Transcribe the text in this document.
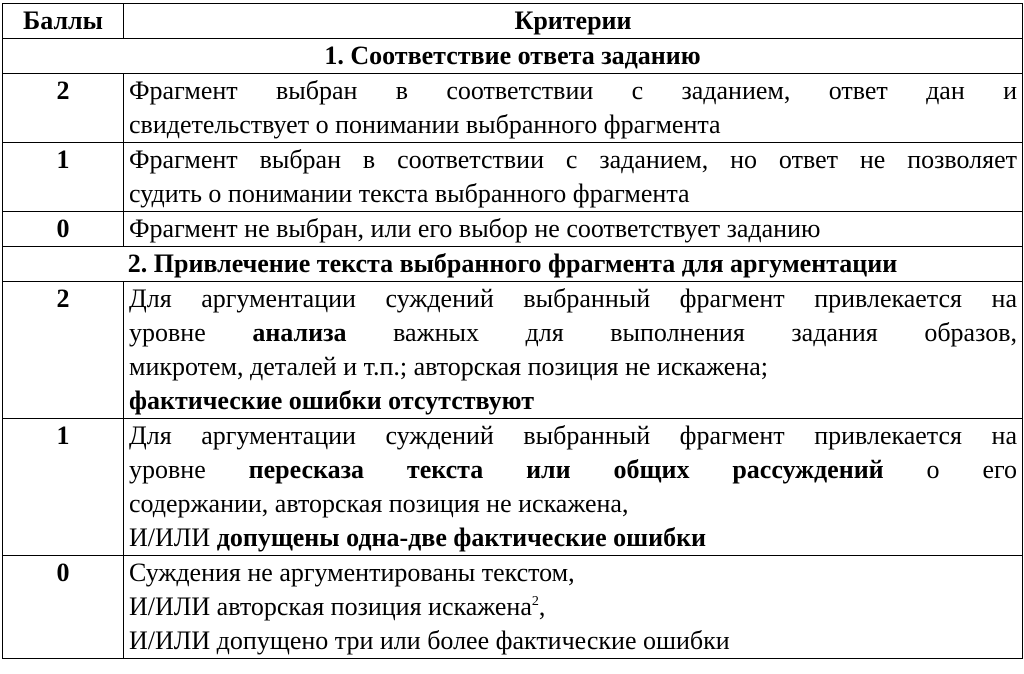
Баллы	Критерии
1. Соответствие ответа заданию	
2	Фрагмент выбран в соответствии с заданием, ответ дан и
свидетельствует о понимании выбранного фрагмента

1	Фрагмент выбран в соответствии с заданием, но ответ не позволяет
судить о понимании текста выбранного фрагмента

0	Фрагмент не выбран, или его выбор не соответствует заданию

2. Привлечение текста выбранного фрагмента для аргументации	
2	Для аргументации суждений выбранный фрагмент привлекается на
уровне анализа важных для выполнения задания образов,
микротем, деталей и т.п.; авторская позиция не искажена;
фактические ошибки отсутствуют

1	Для аргументации суждений выбранный фрагмент привлекается на
уровне пересказа текста или общих рассуждений о его
содержании, авторская позиция не искажена,
И/ИЛИ допущены одна-две фактические ошибки

0	Суждения не аргументированы текстом,
И/ИЛИ авторская позиция искажена$^2$,
И/ИЛИ допущено три или более фактические ошибки
